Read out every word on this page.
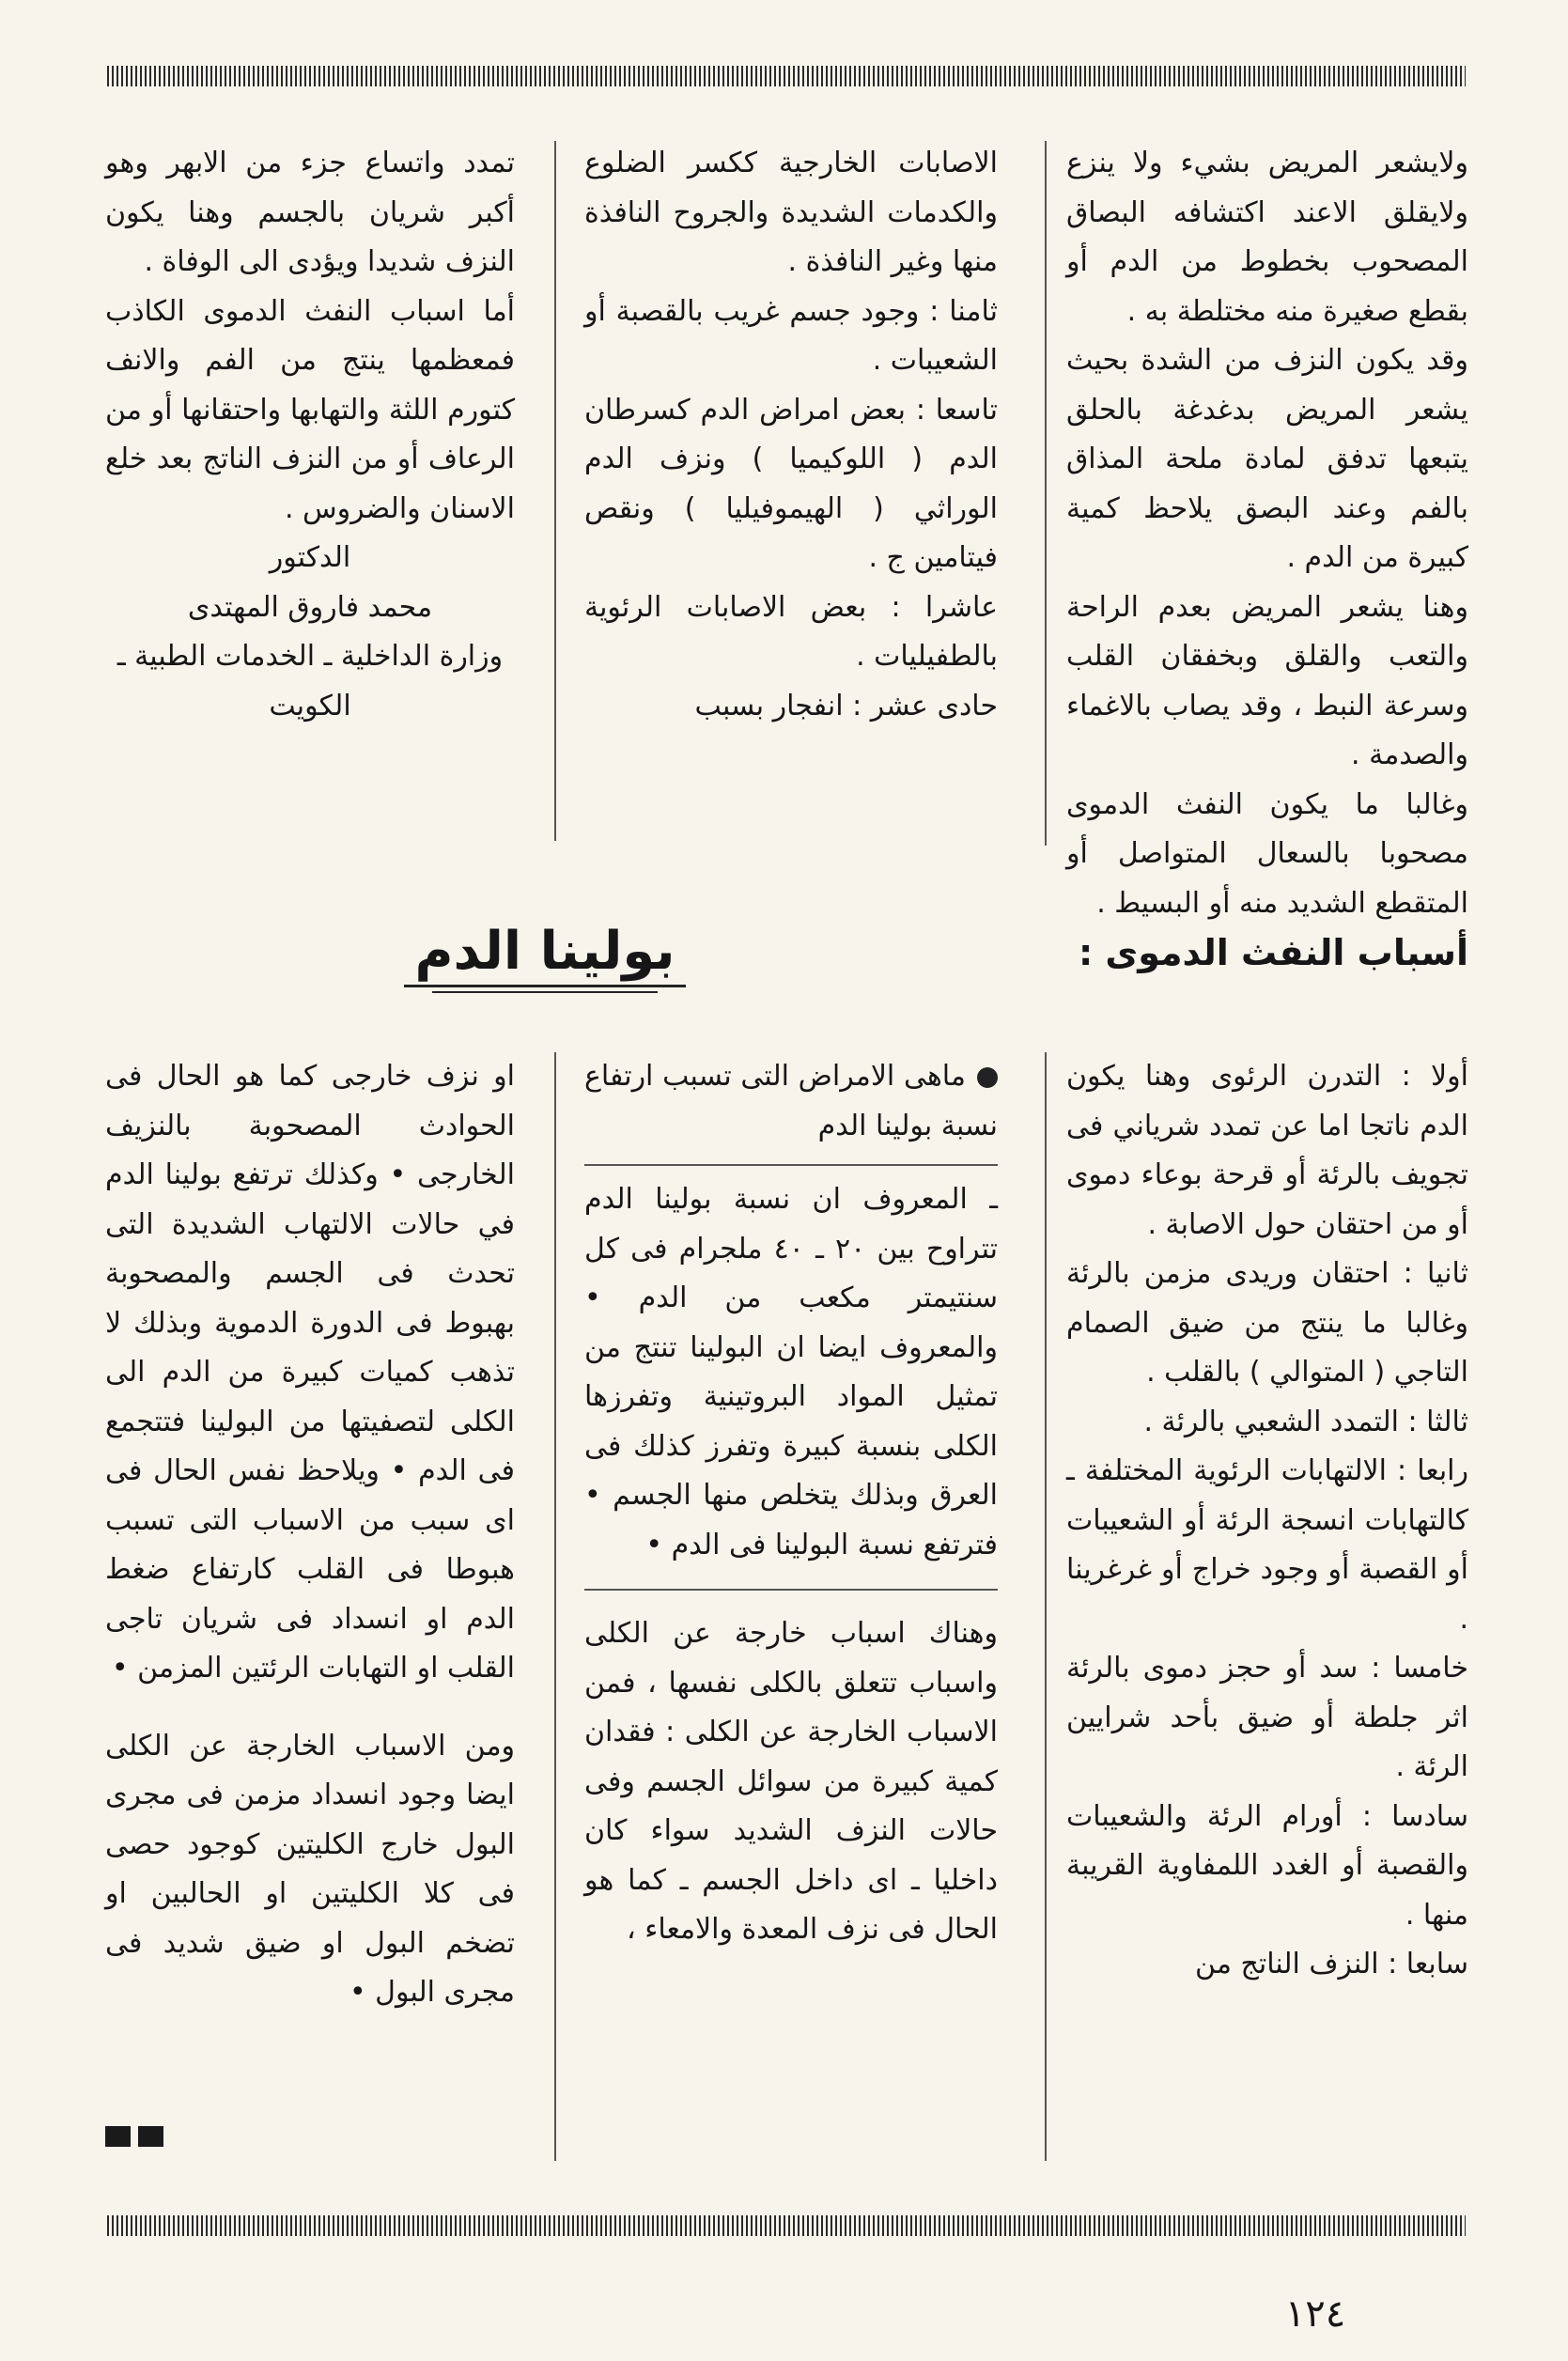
ولايشعر المريض بشيء ولا ينزع ولايقلق الاعند اكتشافه البصاق المصحوب بخطوط من الدم أو بقطع صغيرة منه مختلطة به .

وقد يكون النزف من الشدة بحيث يشعر المريض بدغدغة بالحلق يتبعها تدفق لمادة ملحة المذاق بالفم وعند البصق يلاحظ كمية كبيرة من الدم .

وهنا يشعر المريض بعدم الراحة والتعب والقلق وبخفقان القلب وسرعة النبط ، وقد يصاب بالاغماء والصدمة .

وغالبا ما يكون النفث الدموى مصحوبا بالسعال المتواصل أو المتقطع الشديد منه أو البسيط .

أسباب النفث الدموى :

الاصابات الخارجية ككسر الضلوع والكدمات الشديدة والجروح النافذة منها وغير النافذة .

ثامنا : وجود جسم غريب بالقصبة أو الشعيبات .

تاسعا : بعض امراض الدم كسرطان الدم ( اللوكيميا ) ونزف الدم الوراثي ( الهيموفيليا ) ونقص فيتامين ج .

عاشرا : بعض الاصابات الرئوية بالطفيليات .

حادى عشر : انفجار بسبب

تمدد واتساع جزء من الابهر وهو أكبر شريان بالجسم وهنا يكون النزف شديدا ويؤدى الى الوفاة .

أما اسباب النفث الدموى الكاذب فمعظمها ينتج من الفم والانف كتورم اللثة والتهابها واحتقانها أو من الرعاف أو من النزف الناتج بعد خلع الاسنان والضروس .

الدكتور

محمد فاروق المهتدى

وزارة الداخلية ـ الخدمات الطبية ـ الكويت

بولينا الدم

أولا : التدرن الرئوى وهنا يكون الدم ناتجا اما عن تمدد شرياني فى تجويف بالرئة أو قرحة بوعاء دموى أو من احتقان حول الاصابة .

ثانيا : احتقان وريدى مزمن بالرئة وغالبا ما ينتج من ضيق الصمام التاجي ( المتوالي ) بالقلب .

ثالثا : التمدد الشعبي بالرئة .

رابعا : الالتهابات الرئوية المختلفة ـ كالتهابات انسجة الرئة أو الشعيبات أو القصبة أو وجود خراج أو غرغرينا .

خامسا : سد أو حجز دموى بالرئة اثر جلطة أو ضيق بأحد شرايين الرئة .

سادسا : أورام الرئة والشعيبات والقصبة أو الغدد اللمفاوية القريبة منها .

سابعا : النزف الناتج من

ماهى الامراض التى تسبب ارتفاع نسبة بولينا الدم

ـ المعروف ان نسبة بولينا الدم تتراوح بين ٢٠ ـ ٤٠ ملجرام فى كل سنتيمتر مكعب من الدم • والمعروف ايضا ان البولينا تنتج من تمثيل المواد البروتينية وتفرزها الكلى بنسبة كبيرة وتفرز كذلك فى العرق وبذلك يتخلص منها الجسم • فترتفع نسبة البولينا فى الدم •

وهناك اسباب خارجة عن الكلى واسباب تتعلق بالكلى نفسها ، فمن الاسباب الخارجة عن الكلى : فقدان كمية كبيرة من سوائل الجسم وفى حالات النزف الشديد سواء كان داخليا ـ اى داخل الجسم ـ كما هو الحال فى نزف المعدة والامعاء ،

او نزف خارجى كما هو الحال فى الحوادث المصحوبة بالنزيف الخارجى • وكذلك ترتفع بولينا الدم في حالات الالتهاب الشديدة التى تحدث فى الجسم والمصحوبة بهبوط فى الدورة الدموية وبذلك لا تذهب كميات كبيرة من الدم الى الكلى لتصفيتها من البولينا فتتجمع فى الدم • ويلاحظ نفس الحال فى اى سبب من الاسباب التى تسبب هبوطا فى القلب كارتفاع ضغط الدم او انسداد فى شريان تاجى القلب او التهابات الرئتين المزمن •

ومن الاسباب الخارجة عن الكلى ايضا وجود انسداد مزمن فى مجرى البول خارج الكليتين كوجود حصى فى كلا الكليتين او الحالبين او تضخم البول او ضيق شديد فى مجرى البول •

١٢٤
